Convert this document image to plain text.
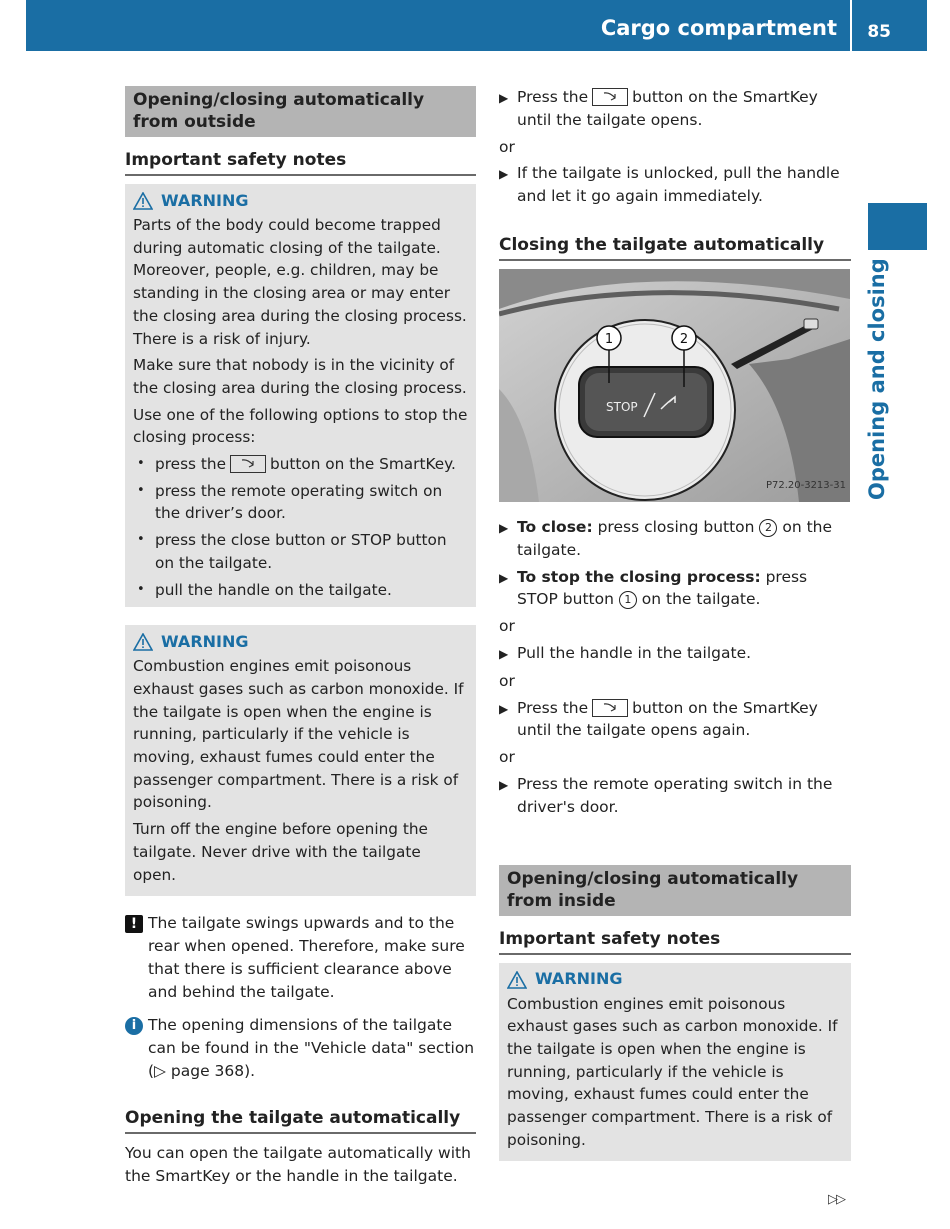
Cargo compartment 85
Opening and closing
Opening/closing automatically from outside
Important safety notes
WARNING

Parts of the body could become trapped during automatic closing of the tailgate. Moreover, people, e.g. children, may be standing in the closing area or may enter the closing area during the closing process. There is a risk of injury.

Make sure that nobody is in the vicinity of the closing area during the closing process.

Use one of the following options to stop the closing process:

• press the	button on the SmartKey.
• press the remote operating switch on the driver’s door.
• press the close button or STOP button on the tailgate.
• pull the handle on the tailgate.
WARNING

Combustion engines emit poisonous exhaust gases such as carbon monoxide. If the tailgate is open when the engine is running, particularly if the vehicle is moving, exhaust fumes could enter the passenger compartment. There is a risk of poisoning.

Turn off the engine before opening the tailgate. Never drive with the tailgate open.

! The tailgate swings upwards and to the rear when opened. Therefore, make sure that there is sufficient clearance above and behind the tailgate.
i The opening dimensions of the tailgate can be found in the "Vehicle data" section (▷ page 368).
Opening the tailgate automatically

You can open the tailgate automatically with the SmartKey or the handle in the tailgate.

▶ Press the	button on the SmartKey until the tailgate opens.

or

▶ If the tailgate is unlocked, pull the handle and let it go again immediately.
Closing the tailgate automatically
STOP
1	2
P72.20-3213-31
▶ To close: press closing button 2 on the tailgate.
▶ To stop the closing process: press STOP button 1 on the tailgate.

or

▶ Pull the handle in the tailgate.

or

▶ Press the	button on the SmartKey until the tailgate opens again.

or

▶ Press the remote operating switch in the driver's door.
Opening/closing automatically from inside
Important safety notes
WARNING

Combustion engines emit poisonous exhaust gases such as carbon monoxide. If the tailgate is open when the engine is running, particularly if the vehicle is moving, exhaust fumes could enter the passenger compartment. There is a risk of poisoning.

▷▷
